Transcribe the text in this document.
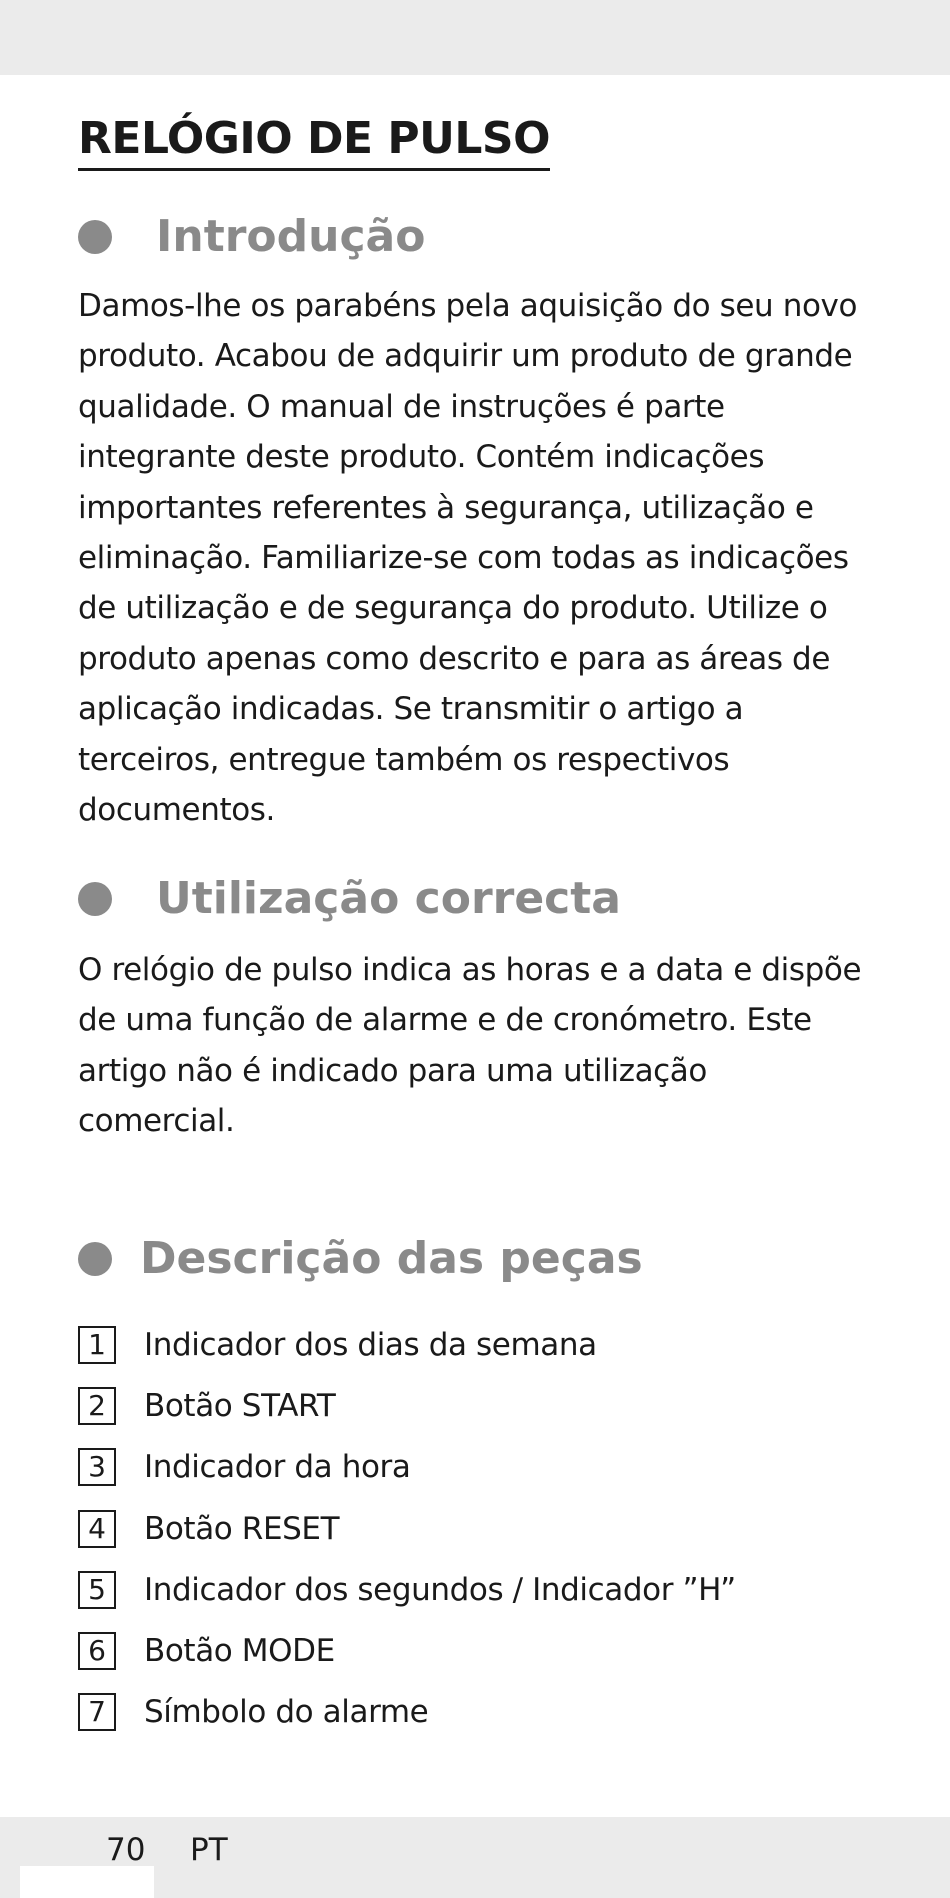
RELÓGIO DE PULSO
Introdução

Damos-lhe os parabéns pela aquisição do seu novo produto. Acabou de adquirir um produto de grande qualidade. O manual de instruções é parte integrante deste produto. Contém indicações importantes referentes à segurança, utilização e eliminação. Familiarize-se com todas as indicações de utilização e de segurança do produto. Utilize o produto apenas como descrito e para as áreas de aplicação indicadas. Se transmitir o artigo a terceiros, entregue também os respectivos documentos.

Utilização correcta

O relógio de pulso indica as horas e a data e dispõe de uma função de alarme e de cronómetro. Este artigo não é indicado para uma utilização comercial.

Descrição das peças
1	Indicador dos dias da semana
2	Botão START
3	Indicador da hora
4	Botão RESET
5	Indicador dos segundos / Indicador ”H”
6	Botão MODE
7	Símbolo do alarme
70 PT
